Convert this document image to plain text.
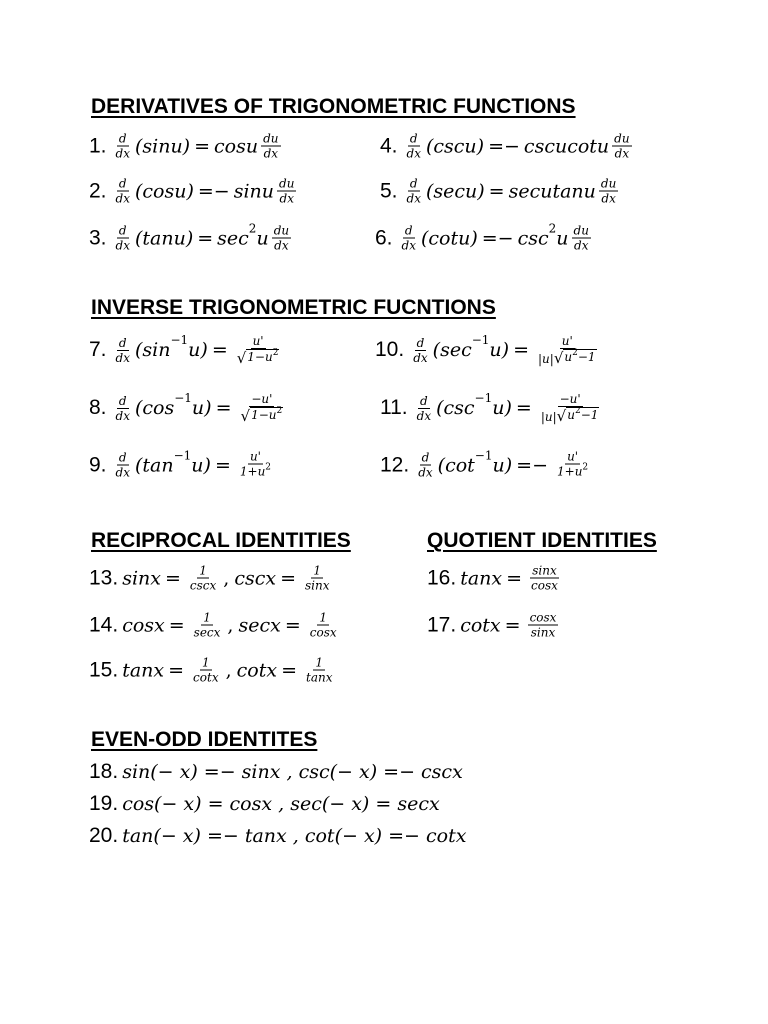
DERIVATIVES OF TRIGONOMETRIC FUNCTIONS
1. $\frac{d}{dx} (\sin u) = \cos u \frac{du}{dx}$
2. $\frac{d}{dx} (\cos u) =- \sin u \frac{du}{dx}$
3. $\frac{d}{dx} (\tan u) = \sec 2$ u $\frac{du}{dx}$
4. $\frac{d}{dx} (\csc u)$ =− cscucotu $\frac{du}{dx}$
5. $\frac{d}{dx} (\sec u)$ = secutanu $\frac{du}{dx}$
6. $\frac{d}{dx} (\cot u) =- \csc 2$ u $\frac{du}{dx}$
INVERSE TRIGONOMETRIC FUCNTIONS
7. $\frac{d}{dx} (\sin -1$ $u) = \frac{u'}{√ 1-u^2}$
8. $\frac{d}{dx} (\cos -1$ $u) = \frac{-u'}{√ 1-u^2}$
9. $\frac{d}{dx} (\tan -1$ $u) = \frac{u'}{1+u^2}$
10. $\frac{d}{dx} (\sec -1$ $u) = \frac{u'}{|u| √ u^2-1}$
11. $\frac{d}{dx} (\csc -1$ $u) = \frac{-u'}{|u| √ u^2-1}$
12. $\frac{d}{dx} (\cot -1$ $u) =- \frac{u'}{1+u^2}$
RECIPROCAL IDENTITIES	QUOTIENT IDENTITIES
13. $\sin x = \frac{1}{\csc x}$ , $\csc x = \frac{1}{\sin x}$
14. $\cos x = \frac{1}{\sec x}$ , $\sec x = \frac{1}{\cos x}$
15. $\tan x = \frac{1}{\cot x}$ , $\cot x = \frac{1}{\tan x}$
16. $\tan x = \frac{\sin x}{\cos x}$
17. $\cot x = \frac{\cos x}{\sin x}$
EVEN-ODD IDENTITES
18. sin(− x) =− sinx , csc(− x) =− cscx
19. cos(− x) = cosx , sec(− x) = secx
20. tan(− x) =− tanx , cot(− x) =− cotx
